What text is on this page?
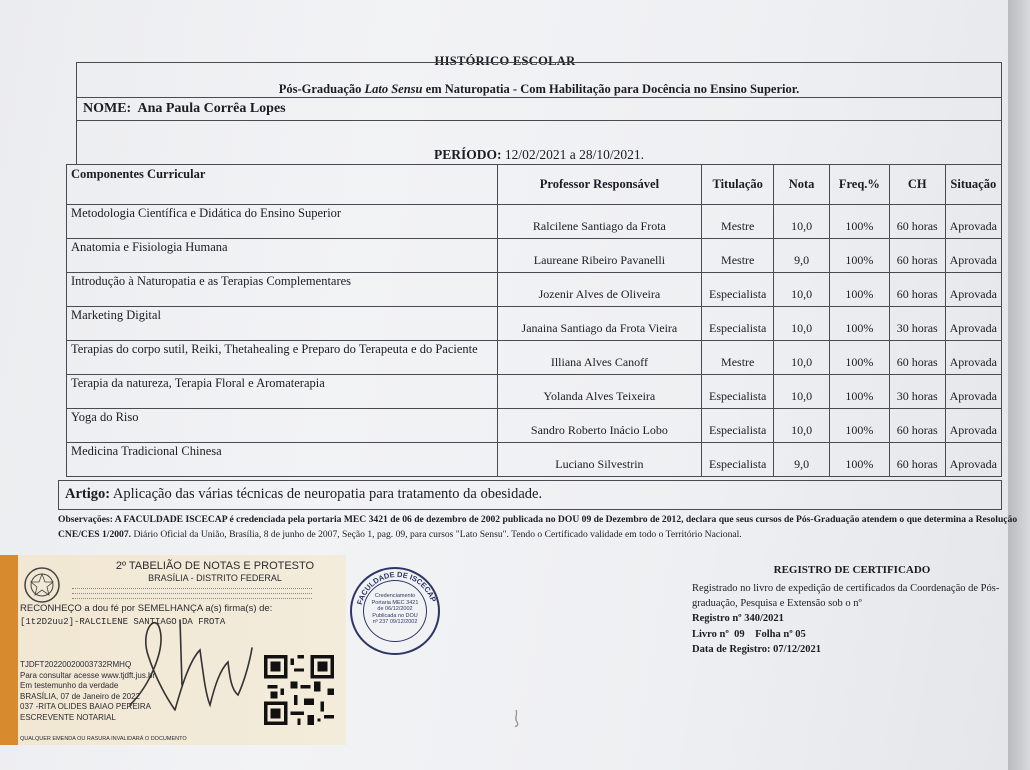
HISTÓRICO ESCOLAR
Pós-Graduação Lato Sensu em Naturopatia - Com Habilitação para Docência no Ensino Superior.
NOME: Ana Paula Corrêa Lopes
PERÍODO: 12/02/2021 a 28/10/2021.
Componentes Curricular	Professor Responsável	Titulação	Nota	Freq.%	CH	Situação
Metodologia Científica e Didática do Ensino Superior	Ralcilene Santiago da Frota	Mestre	10,0	100%	60 horas	Aprovada
Anatomia e Fisiologia Humana	Laureane Ribeiro Pavanelli	Mestre	9,0	100%	60 horas	Aprovada
Introdução à Naturopatia e as Terapias Complementares	Jozenir Alves de Oliveira	Especialista	10,0	100%	60 horas	Aprovada
Marketing Digital	Janaina Santiago da Frota Vieira	Especialista	10,0	100%	30 horas	Aprovada
Terapias do corpo sutil, Reiki, Thetahealing e Preparo do Terapeuta e do Paciente	Illiana Alves Canoff	Mestre	10,0	100%	60 horas	Aprovada
Terapia da natureza, Terapia Floral e Aromaterapia	Yolanda Alves Teixeira	Especialista	10,0	100%	30 horas	Aprovada
Yoga do Riso	Sandro Roberto Inácio Lobo	Especialista	10,0	100%	60 horas	Aprovada
Medicina Tradicional Chinesa	Luciano Silvestrin	Especialista	9,0	100%	60 horas	Aprovada
Artigo: Aplicação das várias técnicas de neuropatia para tratamento da obesidade.
Observações: A FACULDADE ISCECAP é credenciada pela portaria MEC 3421 de 06 de dezembro de 2002 publicada no DOU 09 de Dezembro de 2012, declara que seus cursos de Pós-Graduação atendem o que determina a Resolução CNE/CES 1/2007. Diário Oficial da União, Brasília, 8 de junho de 2007, Seção 1, pag. 09, para cursos "Lato Sensu". Tendo o Certificado validade em todo o Território Nacional.
REGISTRO DE CERTIFICADO
Registrado no livro de expedição de certificados da Coordenação de Pós-graduação, Pesquisa e Extensão sob o nº
Registro nº 340/2021
Livro nº  09    Folha nº 05
Data de Registro: 07/12/2021
FACULDADE DE ISCECAP
Credenciamento
Portaria MEC 3421
de 06/12/2002
Publicada no DOU
nº 237 09/12/2002
2º TABELIÃO DE NOTAS E PROTESTO
BRASÍLIA - DISTRITO FEDERAL
RECONHEÇO a dou fé por SEMELHANÇA a(s) firma(s) de:
[1t2D2uu2]-RALCILENE SANTIAGO DA FROTA
TJDFT20220020003732RMHQ
Para consultar acesse www.tjdft.jus.br
Em testemunho da verdade
BRASÍLIA, 07 de Janeiro de 2022
037 -RITA OLIDES BAIAO PEREIRA
ESCREVENTE NOTARIAL
QUALQUER EMENDA OU RASURA INVALIDARÁ O DOCUMENTO
